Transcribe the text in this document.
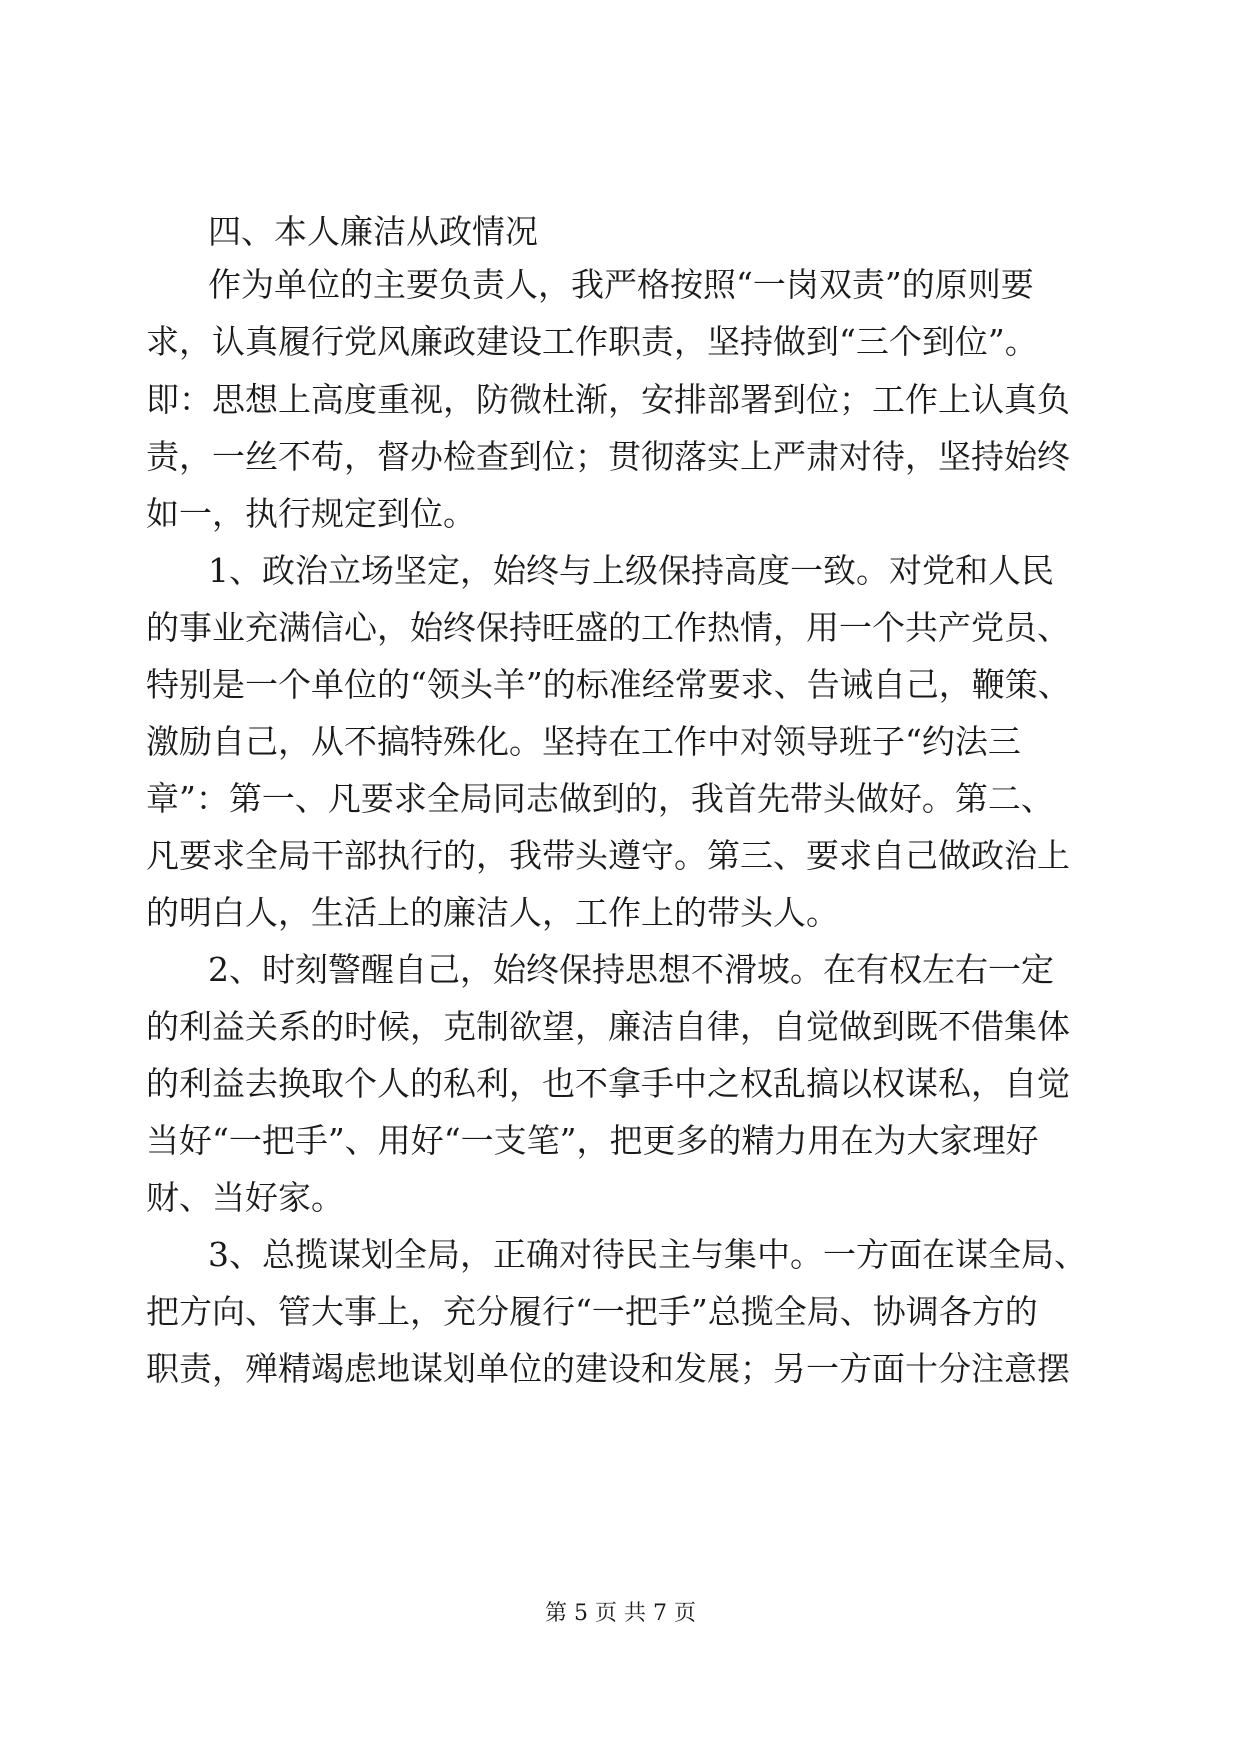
四、本人廉洁从政情况
作为单位的主要负责人，我严格按照“一岗双责”的原则要
求，认真履行党风廉政建设工作职责，坚持做到“三个到位”。
即：思想上高度重视，防微杜渐，安排部署到位；工作上认真负
责，一丝不苟，督办检查到位；贯彻落实上严肃对待，坚持始终
如一，执行规定到位。
1、政治立场坚定，始终与上级保持高度一致。对党和人民
的事业充满信心，始终保持旺盛的工作热情，用一个共产党员、
特别是一个单位的“领头羊”的标准经常要求、告诫自己，鞭策、
激励自己，从不搞特殊化。坚持在工作中对领导班子“约法三
章”：第一、凡要求全局同志做到的，我首先带头做好。第二、
凡要求全局干部执行的，我带头遵守。第三、要求自己做政治上
的明白人，生活上的廉洁人，工作上的带头人。
2、时刻警醒自己，始终保持思想不滑坡。在有权左右一定
的利益关系的时候，克制欲望，廉洁自律，自觉做到既不借集体
的利益去换取个人的私利，也不拿手中之权乱搞以权谋私，自觉
当好“一把手”、用好“一支笔”，把更多的精力用在为大家理好
财、当好家。
3、总揽谋划全局，正确对待民主与集中。一方面在谋全局、
把方向、管大事上，充分履行“一把手”总揽全局、协调各方的
职责，殚精竭虑地谋划单位的建设和发展；另一方面十分注意摆
第 5 页 共 7 页
